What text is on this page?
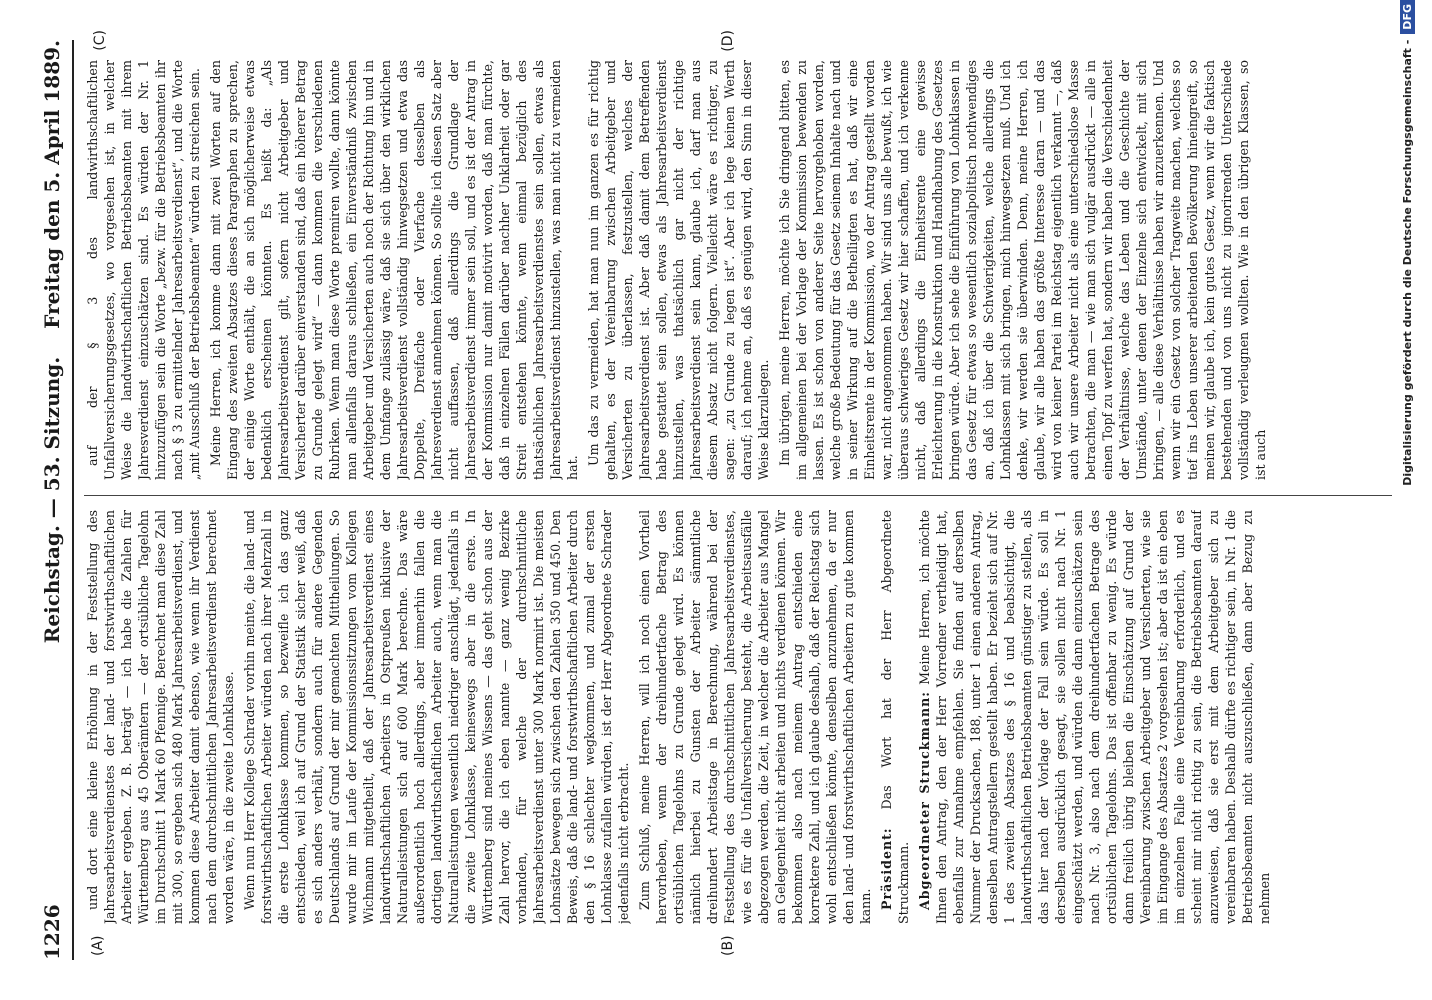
1226
Reichstag. — 53. Sitzung.
Freitag den 5. April 1889.
(A)	(B)
(C)	(D)

und dort eine kleine Erhöhung in der Feststellung des Jahresarbeitsverdienstes der land- und forstwirthschaftlichen Arbeiter ergeben. Z. B. beträgt — ich habe die Zahlen für Württemberg aus 45 Oberämtern — der ortsübliche Tagelohn im Durchschnitt 1 Mark 60 Pfennige. Berechnet man diese Zahl mit 300, so ergeben sich 480 Mark Jahresarbeitsverdienst, und kommen diese Arbeiter damit ebenso, wie wenn ihr Verdienst nach dem durchschnittlichen Jahresarbeitsverdienst berechnet worden wäre, in die zweite Lohnklasse. Wenn nun Herr Kollege Schrader vorhin meinte, die land- und forstwirthschaftlichen Arbeiter würden nach ihrer Mehrzahl in die erste Lohnklasse kommen, so bezweifle ich das ganz entschieden, weil ich auf Grund der Statistik sicher weiß, daß es sich anders verhält, sondern auch für andere Gegenden Deutschlands auf Grund der mir gemachten Mittheilungen. So wurde mir im Laufe der Kommissionssitzungen vom Kollegen Wichmann mitgetheilt, daß der Jahresarbeitsverdienst eines landwirthschaftlichen Arbeiters in Ostpreußen inklusive der Naturalleistungen sich auf 600 Mark berechne. Das wäre außerordentlich hoch allerdings, aber immerhin fallen die dortigen landwirthschaftlichen Arbeiter auch, wenn man die Naturalleistungen wesentlich niedriger anschlägt, jedenfalls in die zweite Lohnklasse, keineswegs aber in die erste. In Württemberg sind meines Wissens — das geht schon aus der Zahl hervor, die ich eben nannte — ganz wenig Bezirke vorhanden, für welche der durchschnittliche Jahresarbeitsverdienst unter 300 Mark normirt ist. Die meisten Lohnsätze bewegen sich zwischen den Zahlen 350 und 450. Den Beweis, daß die land- und forstwirthschaftlichen Arbeiter durch den § 16 schlechter wegkommen, und zumal der ersten Lohnklasse zufallen würden, ist der Herr Abgeordnete Schrader jedenfalls nicht erbracht. Zum Schluß, meine Herren, will ich noch einen Vortheil hervorheben, wenn der dreihundertfache Betrag des ortsüblichen Tagelohns zu Grunde gelegt wird. Es können nämlich hierbei zu Gunsten der Arbeiter sämmtliche dreihundert Arbeitstage in Berechnung, während bei der Feststellung des durchschnittlichen Jahresarbeitsverdienstes, wie es für die Unfallversicherung besteht, die Arbeitsausfälle abgezogen werden, die Zeit, in welcher die Arbeiter aus Mangel an Gelegenheit nicht arbeiten und nichts verdienen können. Wir bekommen also nach meinem Antrag entschieden eine korrektere Zahl, und ich glaube deshalb, daß der Reichstag sich wohl entschließen könnte, denselben anzunehmen, da er nur den land- und forstwirthschaftlichen Arbeitern zu gute kommen kann. Präsident: Das Wort hat der Herr Abgeordnete Struckmann. Abgeordneter Struckmann: Meine Herren, ich möchte Ihnen den Antrag, den der Herr Vorredner vertheidigt hat, ebenfalls zur Annahme empfehlen. Sie finden auf derselben Nummer der Drucksachen, 188, unter 1 einen anderen Antrag, denselben Antragstellern gestellt haben. Er bezieht sich auf Nr. 1 des zweiten Absatzes des § 16 und beabsichtigt, die landwirthschaftlichen Betriebsbeamten günstiger zu stellen, als das hier nach der Vorlage der Fall sein würde. Es soll in derselben ausdrücklich gesagt, sie sollen nicht nach Nr. 1 eingeschätzt werden, und würden die dann einzuschätzen sein nach Nr. 3, also nach dem dreihundertfachen Betrage des ortsüblichen Tagelohns. Das ist offenbar zu wenig. Es würde dann freilich übrig bleiben die Einschätzung auf Grund der Vereinbarung zwischen Arbeitgeber und Versicherten, wie sie im Eingange des Absatzes 2 vorgesehen ist; aber da ist ein eben im einzelnen Falle eine Vereinbarung erforderlich, und es scheint mir nicht richtig zu sein, die Betriebsbeamten darauf anzuweisen, daß sie erst mit dem Arbeitgeber sich zu vereinbaren haben. Deshalb dürfte es richtiger sein, in Nr. 1 die Betriebsbeamten nicht auszuschließen, dann aber Bezug zu nehmen

auf der § 3 des landwirthschaftlichen Unfallversicherungsgesetzes, wo vorgesehen ist, in welcher Weise die landwirthschaftlichen Betriebsbeamten mit ihrem Jahresverdienst einzuschätzen sind. Es würden der Nr. 1 hinzuzufügen sein die Worte „bezw. für die Betriebsbeamten ihr nach § 3 zu ermittelnder Jahresarbeitsverdienst“, und die Worte „mit Ausschluß der Betriebsbeamten“ würden zu streichen sein. Meine Herren, ich komme dann mit zwei Worten auf den Eingang des zweiten Absatzes dieses Paragraphen zu sprechen, der einige Worte enthält, die an sich möglicherweise etwas bedenklich erscheinen könnten. Es heißt da: „Als Jahresarbeitsverdienst gilt, sofern nicht Arbeitgeber und Versicherter darüber einverstanden sind, daß ein höherer Betrag zu Grunde gelegt wird“ — dann kommen die verschiedenen Rubriken. Wenn man diese Worte premiren wollte, dann könnte man allenfalls daraus schließen, ein Einverständniß zwischen Arbeitgeber und Versicherten auch noch der Richtung hin und in dem Umfange zulässig wäre, daß sie sich über den wirklichen Jahresarbeitsverdienst vollständig hinwegsetzen und etwa das Doppelte, Dreifache oder Vierfache desselben als Jahresverdienst annehmen können. So sollte ich diesen Satz aber nicht auffassen, daß allerdings die Grundlage der Jahresarbeitsverdienst immer sein soll, und es ist der Antrag in der Kommission nur damit motivirt worden, daß man fürchte, daß in einzelnen Fällen darüber nachher Unklarheit oder gar Streit entstehen könnte, wenn einmal bezüglich des thatsächlichen Jahresarbeitsverdienstes sein sollen, etwas als Jahresarbeitsverdienst hinzustellen, was man nicht zu vermeiden hat.

Um das zu vermeiden, hat man nun im ganzen es für richtig gehalten, es der Vereinbarung zwischen Arbeitgeber und Versicherten zu überlassen, festzustellen, welches der Jahresarbeitsverdienst ist. Aber daß damit dem Betreffenden habe gestattet sein sollen, etwas als Jahresarbeitsverdienst hinzustellen, was thatsächlich gar nicht der richtige Jahresarbeitsverdienst sein kann, glaube ich, darf man aus diesem Absatz nicht folgern. Vielleicht wäre es richtiger, zu sagen: „zu Grunde zu legen ist“. Aber ich lege keinen Werth darauf; ich nehme an, daß es genügen wird, den Sinn in dieser Weise klarzulegen. Im übrigen, meine Herren, möchte ich Sie dringend bitten, es im allgemeinen bei der Vorlage der Kommission bewenden zu lassen. Es ist schon von anderer Seite hervorgehoben worden, welche große Bedeutung für das Gesetz seinem Inhalte nach und in seiner Wirkung auf die Betheiligten es hat, daß wir eine Einheitsrente in der Kommission, wo der Antrag gestellt worden war, nicht angenommen haben. Wir sind uns alle bewußt, ich wie überaus schwieriges Gesetz wir hier schaffen, und ich verkenne nicht, daß allerdings die Einheitsrente eine gewisse Erleichterung in die Konstruktion und Handhabung des Gesetzes bringen würde. Aber ich sehe die Einführung von Lohnklassen in das Gesetz für etwas so wesentlich sozialpolitisch nothwendiges an, daß ich über die Schwierigkeiten, welche allerdings die Lohnklassen mit sich bringen, mich hinwegsetzen muß. Und ich denke, wir werden sie überwinden. Denn, meine Herren, ich glaube, wir alle haben das größte Interesse daran — und das wird von keiner Partei im Reichstag eigentlich verkannt —, daß auch wir unsere Arbeiter nicht als eine unterschiedslose Masse betrachten, die man — wie man sich vulgär ausdrückt — alle in einen Topf zu werfen hat, sondern wir haben die Verschiedenheit der Verhältnisse, welche das Leben und die Geschichte der Umstände, unter denen der Einzelne sich entwickelt, mit sich bringen, — alle diese Verhältnisse haben wir anzuerkennen. Und wenn wir ein Gesetz von solcher Tragweite machen, welches so tief ins Leben unserer arbeitenden Bevölkerung hineingreift, so meinen wir, glaube ich, kein gutes Gesetz, wenn wir die faktisch bestehenden und von uns nicht zu ignorirenden Unterschiede vollständig verleugnen wollten. Wie in den übrigen Klassen, so ist auch	Digitalisierung gefördert durch die Deutsche Forschungsgemeinschaft -DFG
